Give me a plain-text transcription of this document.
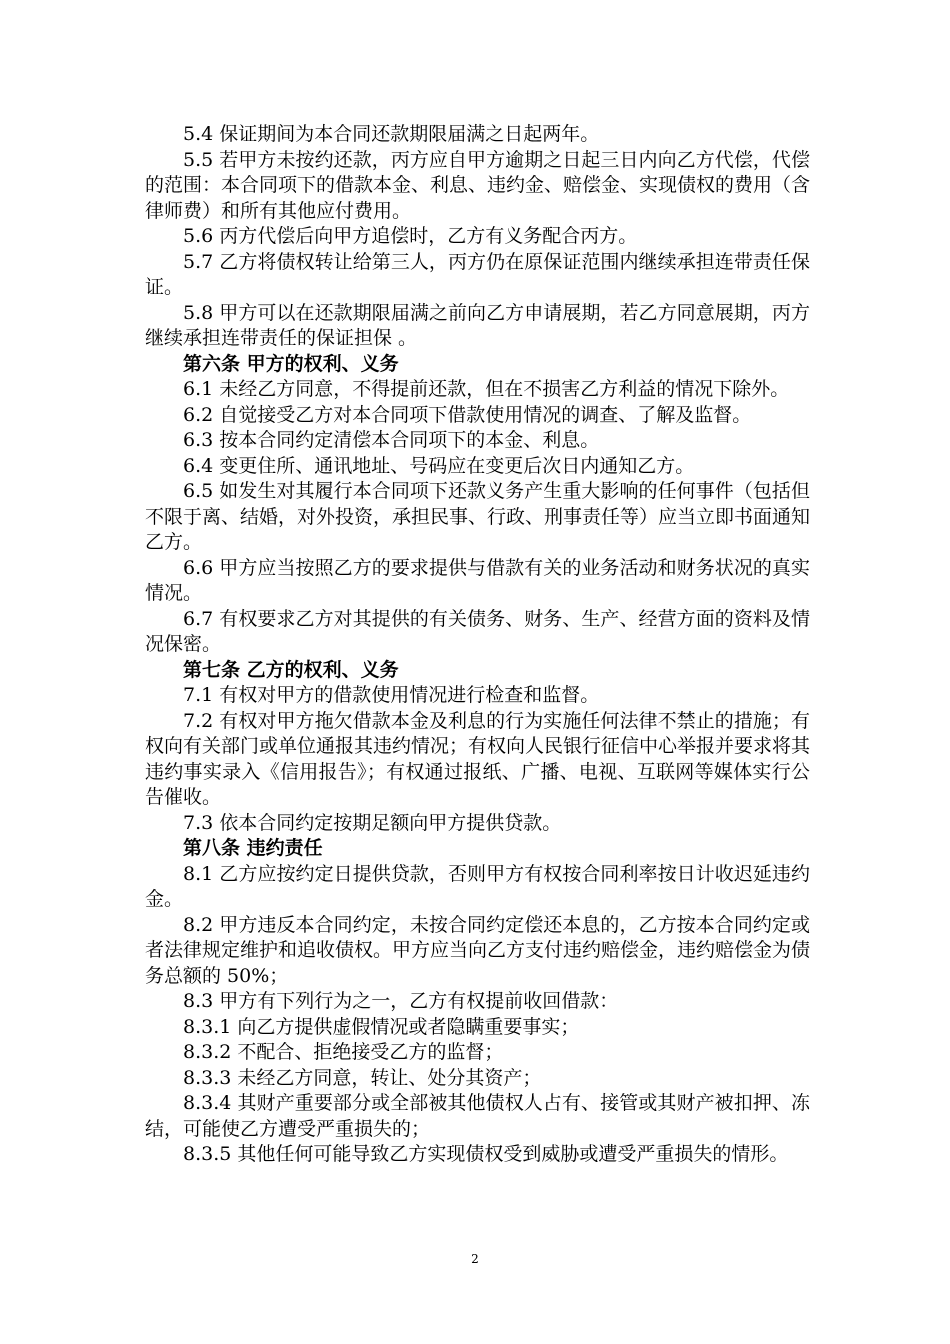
5.4 保证期间为本合同还款期限届满之日起两年。

5.5 若甲方未按约还款，丙方应自甲方逾期之日起三日内向乙方代偿，代偿的范围：本合同项下的借款本金、利息、违约金、赔偿金、实现债权的费用（含律师费）和所有其他应付费用。

5.6 丙方代偿后向甲方追偿时，乙方有义务配合丙方。

5.7 乙方将债权转让给第三人，丙方仍在原保证范围内继续承担连带责任保证。

5.8 甲方可以在还款期限届满之前向乙方申请展期，若乙方同意展期，丙方继续承担连带责任的保证担保 。

第六条 甲方的权利、义务

6.1 未经乙方同意，不得提前还款，但在不损害乙方利益的情况下除外。

6.2 自觉接受乙方对本合同项下借款使用情况的调查、了解及监督。

6.3 按本合同约定清偿本合同项下的本金、利息。

6.4 变更住所、通讯地址、号码应在变更后次日内通知乙方。

6.5 如发生对其履行本合同项下还款义务产生重大影响的任何事件（包括但不限于离、结婚，对外投资，承担民事、行政、刑事责任等）应当立即书面通知乙方。

6.6 甲方应当按照乙方的要求提供与借款有关的业务活动和财务状况的真实情况。

6.7 有权要求乙方对其提供的有关债务、财务、生产、经营方面的资料及情况保密。

第七条 乙方的权利、义务

7.1 有权对甲方的借款使用情况进行检查和监督。

7.2 有权对甲方拖欠借款本金及利息的行为实施任何法律不禁止的措施；有权向有关部门或单位通报其违约情况；有权向人民银行征信中心举报并要求将其违约事实录入《信用报告》；有权通过报纸、广播、电视、互联网等媒体实行公告催收。

7.3 依本合同约定按期足额向甲方提供贷款。

第八条 违约责任

8.1 乙方应按约定日提供贷款，否则甲方有权按合同利率按日计收迟延违约金。

8.2 甲方违反本合同约定，未按合同约定偿还本息的，乙方按本合同约定或者法律规定维护和追收债权。甲方应当向乙方支付违约赔偿金，违约赔偿金为债务总额的 50%；

8.3 甲方有下列行为之一，乙方有权提前收回借款：

8.3.1 向乙方提供虚假情况或者隐瞒重要事实；

8.3.2 不配合、拒绝接受乙方的监督；

8.3.3 未经乙方同意，转让、处分其资产；

8.3.4 其财产重要部分或全部被其他债权人占有、接管或其财产被扣押、冻结，可能使乙方遭受严重损失的；

8.3.5 其他任何可能导致乙方实现债权受到威胁或遭受严重损失的情形。

2
